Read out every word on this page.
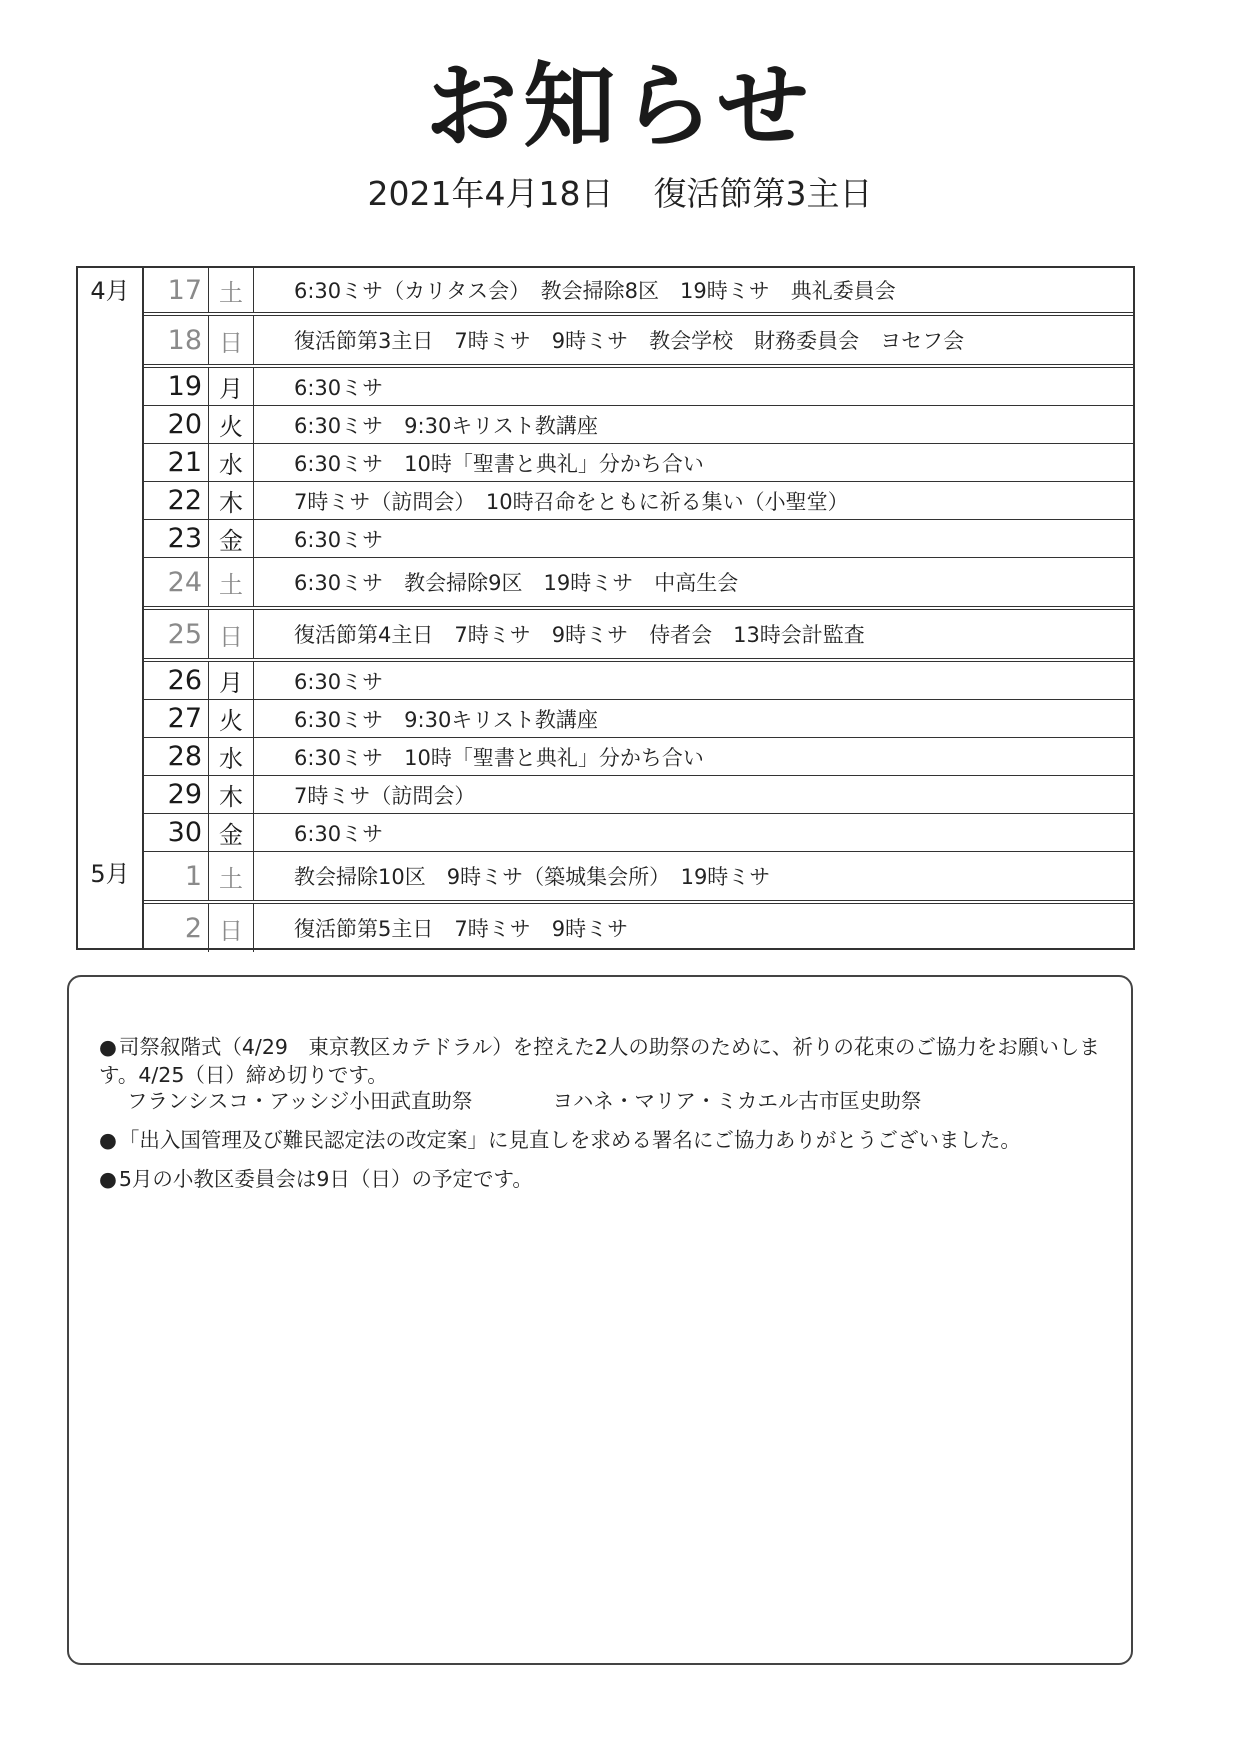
お知らせ
2021年4月18日 復活節第3主日
4月
5月
17 土	6:30ミサ（カリタス会）　教会掃除8区　19時ミサ　典礼委員会
18 日	復活節第3主日　7時ミサ　9時ミサ　教会学校　財務委員会　ヨセフ会
19 月	6:30ミサ
20 火	6:30ミサ　9:30キリスト教講座
21 水	6:30ミサ　10時「聖書と典礼」分かち合い
22 木	7時ミサ（訪問会）　10時召命をともに祈る集い（小聖堂）
23 金	6:30ミサ
24 土	6:30ミサ　教会掃除9区　19時ミサ　中高生会
25 日	復活節第4主日　7時ミサ　9時ミサ　侍者会　13時会計監査
26 月	6:30ミサ
27 火	6:30ミサ　9:30キリスト教講座
28 水	6:30ミサ　10時「聖書と典礼」分かち合い
29 木	7時ミサ（訪問会）
30 金	6:30ミサ
1 土	教会掃除10区　9時ミサ（築城集会所）　19時ミサ
2 日	復活節第5主日　7時ミサ　9時ミサ
●司祭叙階式（4/29　東京教区カテドラル）を控えた2人の助祭のために、祈りの花束のご協力をお願いします。4/25（日）締め切りです。
フランシスコ・アッシジ小田武直助祭	ヨハネ・マリア・ミカエル古市匡史助祭
●「出入国管理及び難民認定法の改定案」に見直しを求める署名にご協力ありがとうございました。
●5月の小教区委員会は9日（日）の予定です。
